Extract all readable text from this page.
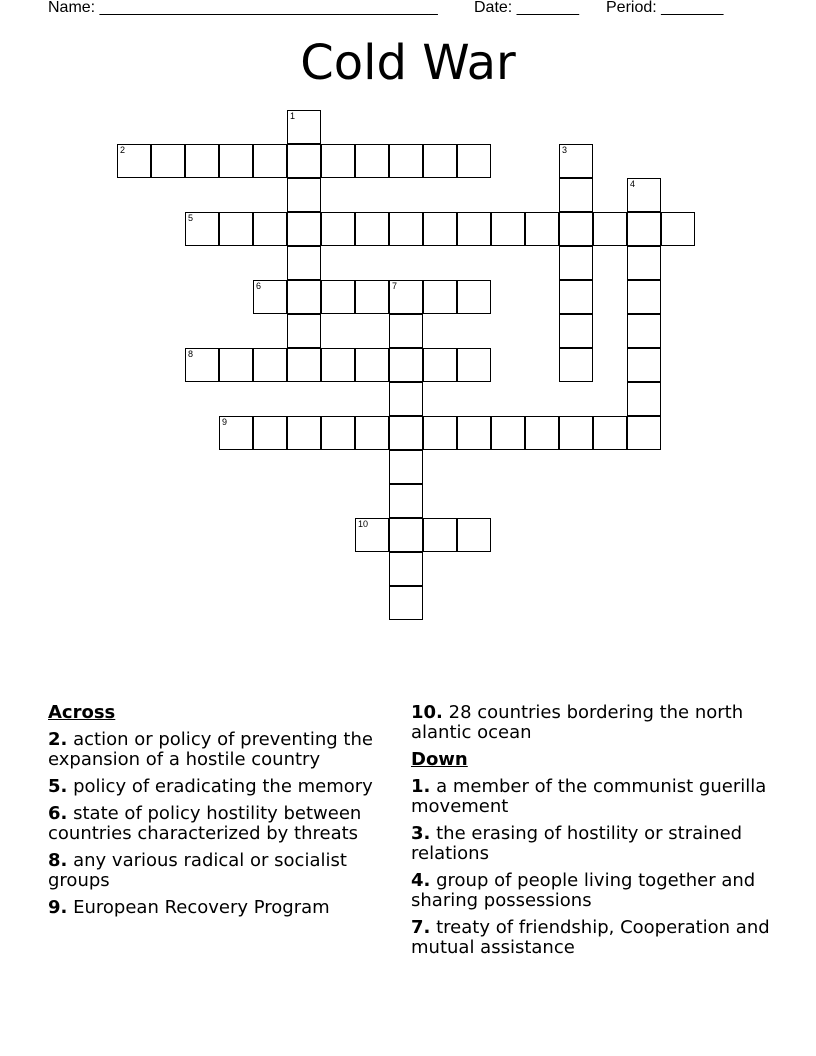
Name: ______________________________________ Date: _______ Period: _______
Cold War
1
2	3
4
5
6	7
8
9
10
Across
2. action or policy of preventing the expansion of a hostile country
5. policy of eradicating the memory
6. state of policy hostility between countries characterized by threats
8. any various radical or socialist groups
9. European Recovery Program
10. 28 countries bordering the north alantic ocean
Down
1. a member of the communist guerilla movement
3. the erasing of hostility or strained relations
4. group of people living together and sharing possessions
7. treaty of friendship, Cooperation and mutual assistance
